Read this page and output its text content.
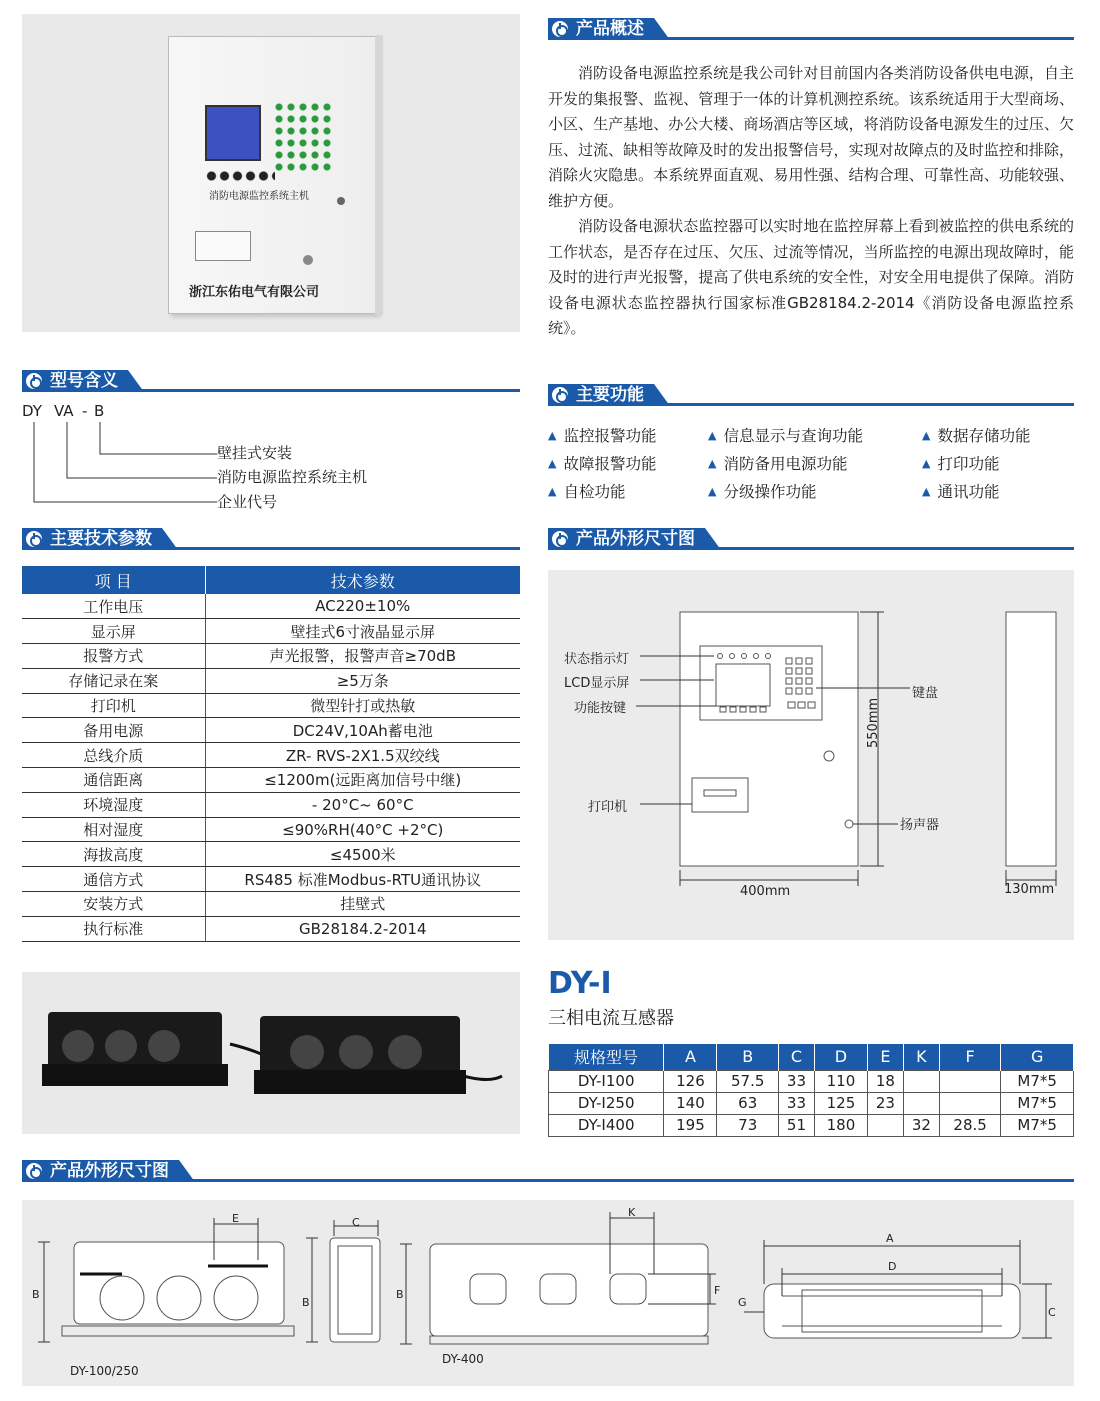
消防电源监控系统主机
浙江东佑电气有限公司
产品概述

消防设备电源监控系统是我公司针对目前国内各类消防设备供电电源，自主开发的集报警、监视、管理于一体的计算机测控系统。该系统适用于大型商场、小区、生产基地、办公大楼、商场酒店等区域，将消防设备电源发生的过压、欠压、过流、缺相等故障及时的发出报警信号，实现对故障点的及时监控和排除，消除火灾隐患。本系统界面直观、易用性强、结构合理、可靠性高、功能较强、维护方便。

消防设备电源状态监控器可以实时地在监控屏幕上看到被监控的供电系统的工作状态，是否存在过压、欠压、过流等情况，当所监控的电源出现故障时，能及时的进行声光报警，提高了供电系统的安全性，对安全用电提供了保障。消防设备电源状态监控器执行国家标准GB28184.2-2014《消防设备电源监控系统》。

型号含义
DY VA - B
壁挂式安装
消防电源监控系统主机
企业代号
主要功能
▲ 监控报警功能	▲ 信息显示与查询功能	▲ 数据存储功能
▲ 故障报警功能	▲ 消防备用电源功能	▲ 打印功能
▲ 自检功能	▲ 分级操作功能	▲ 通讯功能
主要技术参数
项 目	技术参数
工作电压	AC220±10%
显示屏	壁挂式6寸液晶显示屏
报警方式	声光报警，报警声音≥70dB
存储记录在案	≥5万条
打印机	微型针打或热敏
备用电源	DC24V,10Ah蓄电池
总线介质	ZR- RVS-2X1.5双绞线
通信距离	≤1200m(远距离加信号中继)
环境湿度	- 20°C~ 60°C
相对湿度	≤90%RH(40°C +2°C)
海拔高度	≤4500米
通信方式	RS485 标准Modbus-RTU通讯协议
安装方式	挂壁式
执行标准	GB28184.2-2014
产品外形尺寸图
状态指示灯
LCD显示屏
功能按键
打印机
键盘
扬声器
550mm
400mm	130mm
DY-I
三相电流互感器
规格型号	A	B	C	D	E	K	F	G
DY-I100	126	57.5	33	110	18			M7*5
DY-I250	140	63	33	125	23			M7*5
DY-I400	195	73	51	180		32	28.5	M7*5
产品外形尺寸图
B
E
B
C
B
K
F
A
D
G
C
DY-100/250
DY-400
